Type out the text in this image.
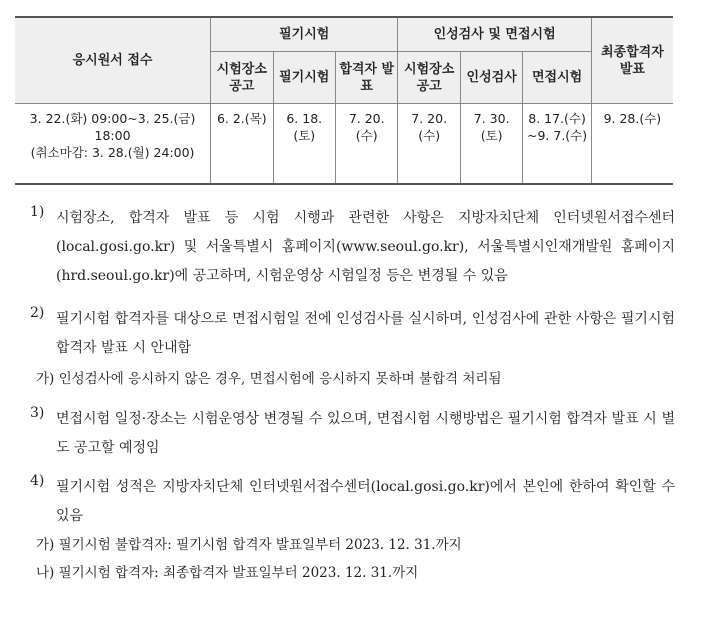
응시원서 접수	필기시험			인성검사 및 면접시험			최종합격자 발표
	시험장소 공고	필기시험	합격자 발표	시험장소 공고	인성검사	면접시험	

3. 22.(화) 09:00~3. 25.(금) 18:00
(취소마감: 3. 28.(월) 24:00)	6. 2.(목)	6. 18.(토)	7. 20.(수)	7. 20.(수)	7. 30.(토)	8. 17.(수) ~9. 7.(수)	9. 28.(수)
1) 시험장소, 합격자 발표 등 시험 시행과 관련한 사항은 지방자치단체 인터넷원서접수센터(local.gosi.go.kr) 및 서울특별시 홈페이지(www.seoul.go.kr), 서울특별시인재개발원 홈페이지(hrd.seoul.go.kr)에 공고하며, 시험운영상 시험일정 등은 변경될 수 있음

2) 필기시험 합격자를 대상으로 면접시험일 전에 인성검사를 실시하며, 인성검사에 관한 사항은 필기시험 합격자 발표 시 안내함

가) 인성검사에 응시하지 않은 경우, 면접시험에 응시하지 못하며 불합격 처리됨
3) 면접시험 일정·장소는 시험운영상 변경될 수 있으며, 면접시험 시행방법은 필기시험 합격자 발표 시 별도 공고할 예정임

4) 필기시험 성적은 지방자치단체 인터넷원서접수센터(local.gosi.go.kr)에서 본인에 한하여 확인할 수 있음

가) 필기시험 불합격자: 필기시험 합격자 발표일부터 2023. 12. 31.까지
나) 필기시험 합격자: 최종합격자 발표일부터 2023. 12. 31.까지
